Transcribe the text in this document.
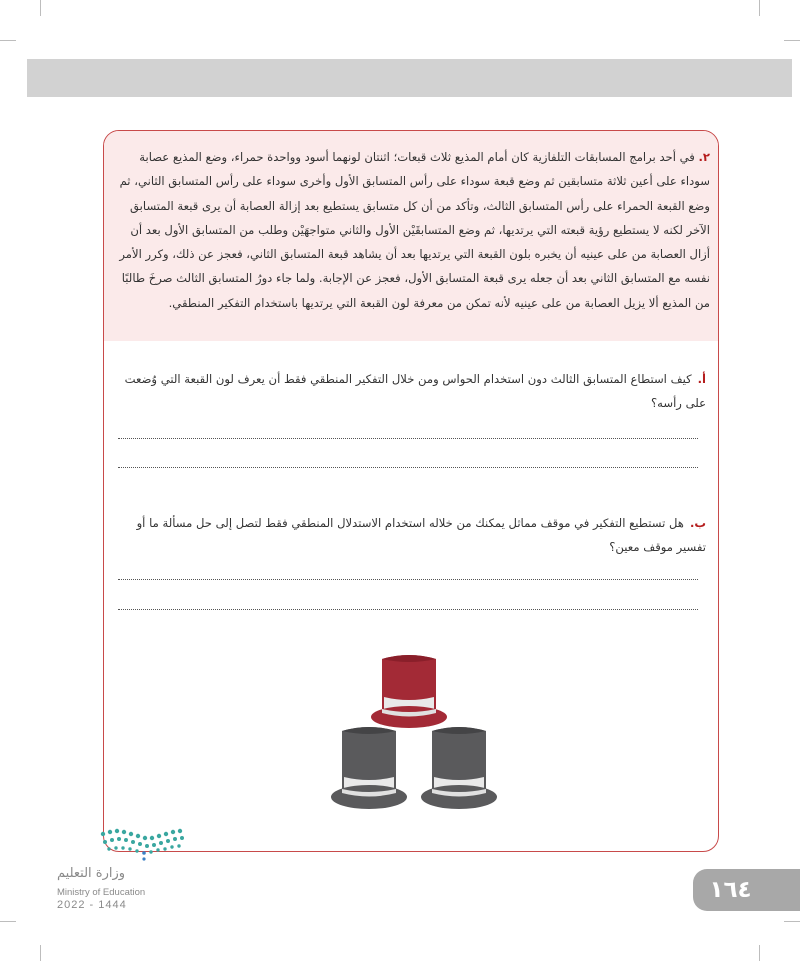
٢. في أحد برامج المسابقات التلفازية كان أمام المذيع ثلاث قبعات؛ اثنتان لونهما أسود وواحدة حمراء، وضع المذيع عصابة سوداء على أعين ثلاثة متسابقين ثم وضع قبعة سوداء على رأس المتسابق الأول وأخرى سوداء على رأس المتسابق الثاني، ثم وضع القبعة الحمراء على رأس المتسابق الثالث، وتأكد من أن كل متسابق يستطيع بعد إزالة العصابة أن يرى قبعة المتسابق الآخر لكنه لا يستطيع رؤية قبعته التي يرتديها، ثم وضع المتسابقَيْن الأول والثاني متواجهَيْن وطلب من المتسابق الأول بعد أن أزال العصابة من على عينيه أن يخبره بلون القبعة التي يرتديها بعد أن يشاهد قبعة المتسابق الثاني، فعجز عن ذلك، وكرر الأمر نفسه مع المتسابق الثاني بعد أن جعله يرى قبعة المتسابق الأول، فعجز عن الإجابة. ولما جاء دورُ المتسابق الثالث صرخَ طالبًا من المذيع ألا يزيل العصابة من على عينيه لأنه تمكن من معرفة لون القبعة التي يرتديها باستخدام التفكير المنطقي.
أ.كيف استطاع المتسابق الثالث دون استخدام الحواس ومن خلال التفكير المنطقي فقط أن يعرف لون القبعة التي وُضعت على رأسه؟
ب.هل تستطيع التفكير في موقف مماثل يمكنك من خلاله استخدام الاستدلال المنطقي فقط لتصل إلى حل مسألة ما أو تفسير موقف معين؟
وزارة التعليم
Ministry of Education
2022 - 1444
١٦٤
